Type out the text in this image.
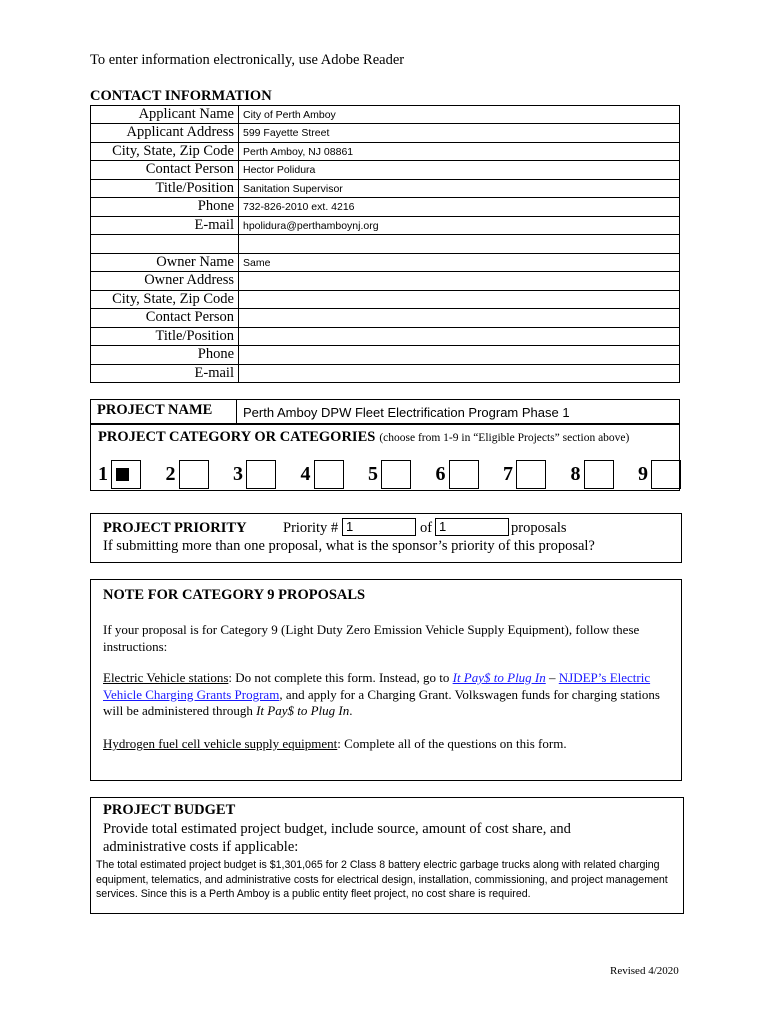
To enter information electronically, use Adobe Reader
CONTACT INFORMATION
Applicant Name City of Perth Amboy
Applicant Address 599 Fayette Street
City, State, Zip Code Perth Amboy, NJ 08861
Contact Person Hector Polidura
Title/Position Sanitation Supervisor
Phone 732-826-2010 ext. 4216
E-mail hpolidura@perthamboynj.org
Owner Name Same
Owner Address
City, State, Zip Code
Contact Person
Title/Position
Phone
E-mail
PROJECT NAME Perth Amboy DPW Fleet Electrification Program Phase 1
PROJECT CATEGORY OR CATEGORIES (choose from 1-9 in “Eligible Projects” section above)
1	2	3	4	5	6	7	8	9
PROJECT PRIORITY	Priority # 1	of 1	proposals
If submitting more than one proposal, what is the sponsor’s priority of this proposal?
NOTE FOR CATEGORY 9 PROPOSALS
If your proposal is for Category 9 (Light Duty Zero Emission Vehicle Supply Equipment), follow these instructions:
Electric Vehicle stations: Do not complete this form. Instead, go to It Pay$ to Plug In – NJDEP’s Electric Vehicle Charging Grants Program, and apply for a Charging Grant. Volkswagen funds for charging stations will be administered through It Pay$ to Plug In.
Hydrogen fuel cell vehicle supply equipment: Complete all of the questions on this form.
PROJECT BUDGET
Provide total estimated project budget, include source, amount of cost share, and administrative costs if applicable:
The total estimated project budget is $1,301,065 for 2 Class 8 battery electric garbage trucks along with related charging equipment, telematics, and administrative costs for electrical design, installation, commissioning, and project management services. Since this is a Perth Amboy is a public entity fleet project, no cost share is required.
Revised 4/2020
